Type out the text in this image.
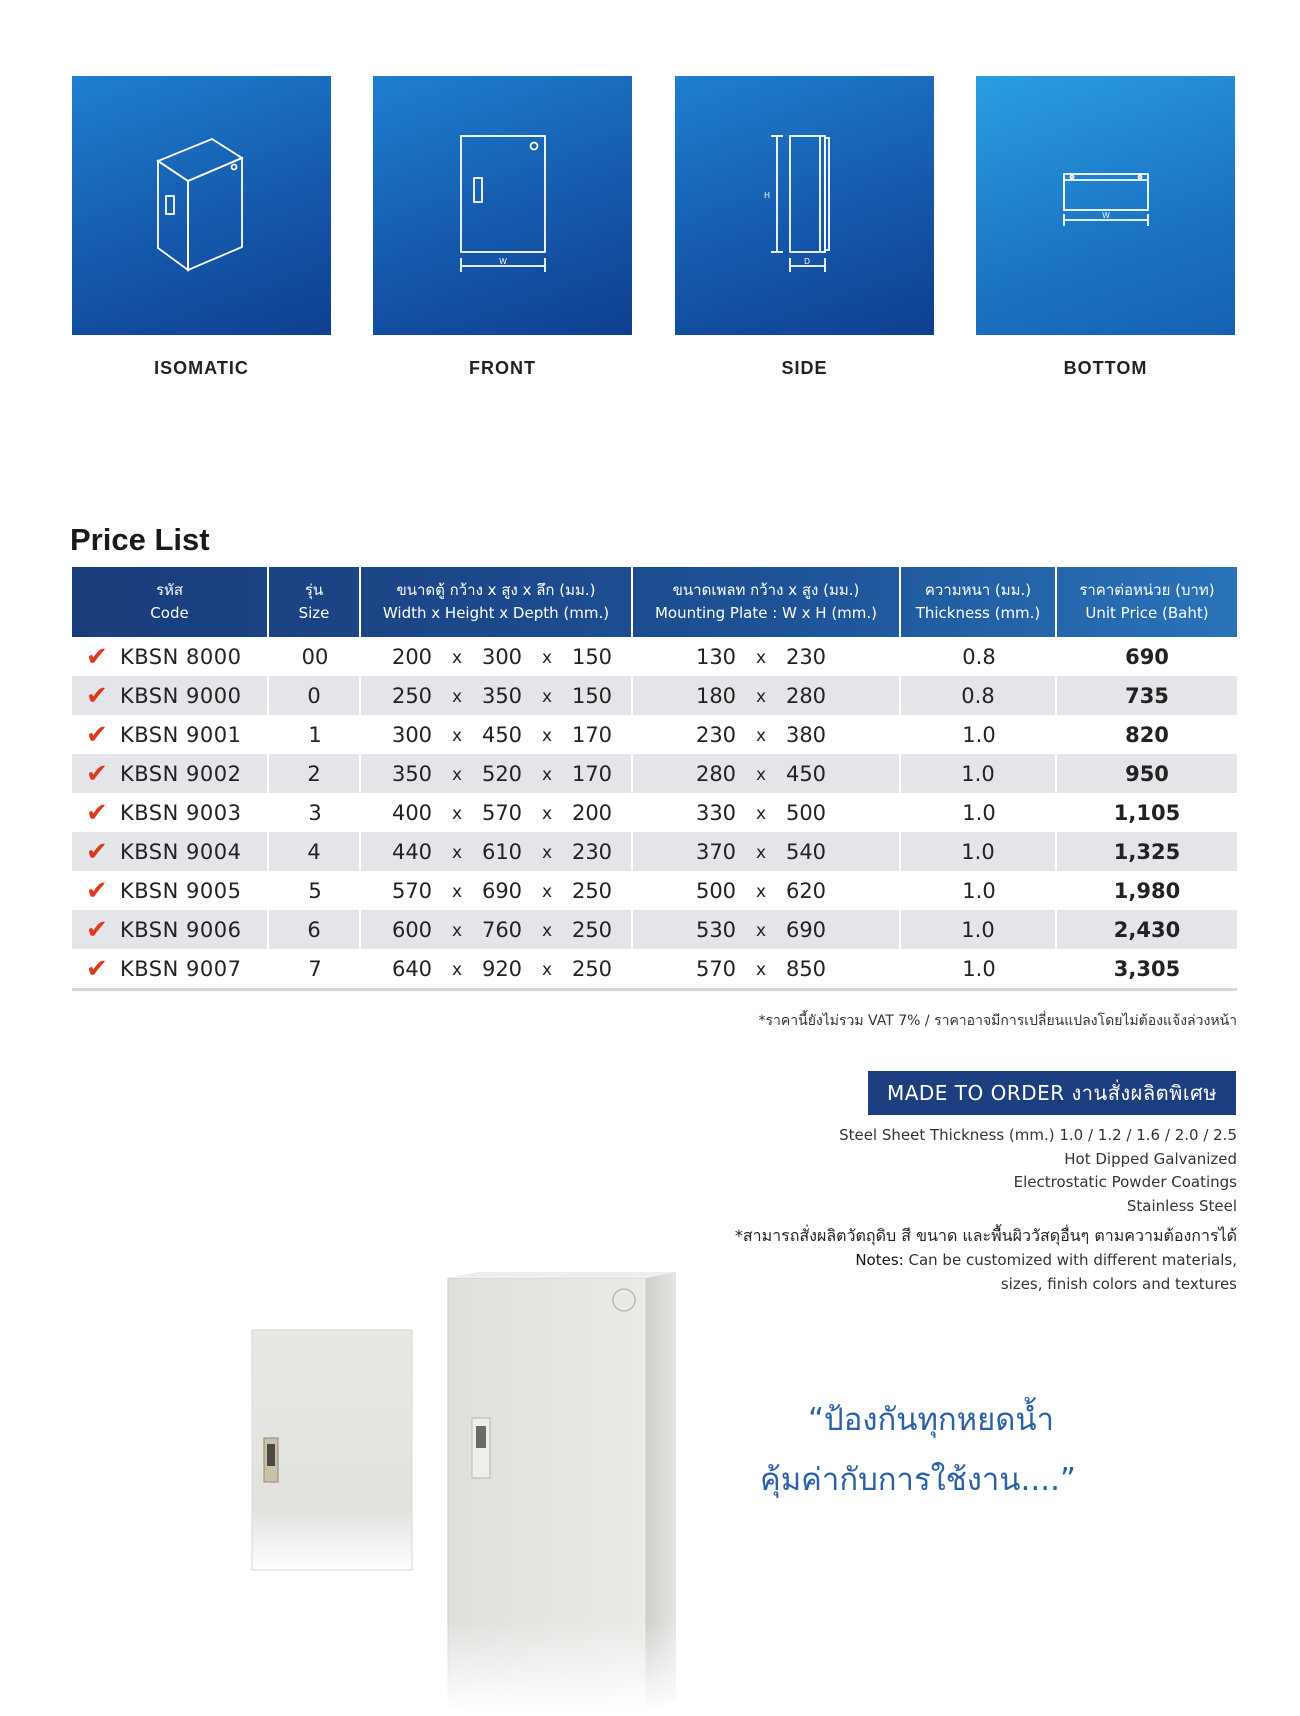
ISOMATIC
W
FRONT
H
D
SIDE
W
BOTTOM
Price List
รหัส
Code
รุ่น
Size
ขนาดตู้ กว้าง x สูง x ลึก (มม.)
Width x Height x Depth (mm.)
ขนาดเพลท กว้าง x สูง (มม.)
Mounting Plate : W x H (mm.)
ความหนา (มม.)
Thickness (mm.)
ราคาต่อหน่วย (บาท)
Unit Price (Baht)
✔ KBSN 8000	00	200	x 300	x 150	130	x 230	0.8	690
✔ KBSN 9000	0	250	x 350	x 150	180	x 280	0.8	735
✔ KBSN 9001	1	300	x 450	x 170	230	x 380	1.0	820
✔ KBSN 9002	2	350	x 520	x 170	280	x 450	1.0	950
✔ KBSN 9003	3	400	x 570	x 200	330	x 500	1.0	1,105
✔ KBSN 9004	4	440	x 610	x 230	370	x 540	1.0	1,325
✔ KBSN 9005	5	570	x 690	x 250	500	x 620	1.0	1,980
✔ KBSN 9006	6	600	x 760	x 250	530	x 690	1.0	2,430
✔ KBSN 9007	7	640	x 920	x 250	570	x 850	1.0	3,305
*ราคานี้ยังไม่รวม VAT 7% / ราคาอาจมีการเปลี่ยนแปลงโดยไม่ต้องแจ้งล่วงหน้า
MADE TO ORDER งานสั่งผลิตพิเศษ
Steel Sheet Thickness (mm.) 1.0 / 1.2 / 1.6 / 2.0 / 2.5
Hot Dipped Galvanized
Electrostatic Powder Coatings
Stainless Steel
*สามารถสั่งผลิตวัตถุดิบ สี ขนาด และพื้นผิววัสดุอื่นๆ ตามความต้องการได้
Notes: Can be customized with different materials,
sizes, finish colors and textures
“ป้องกันทุกหยดน้ำ
คุ้มค่ากับการใช้งาน....”
